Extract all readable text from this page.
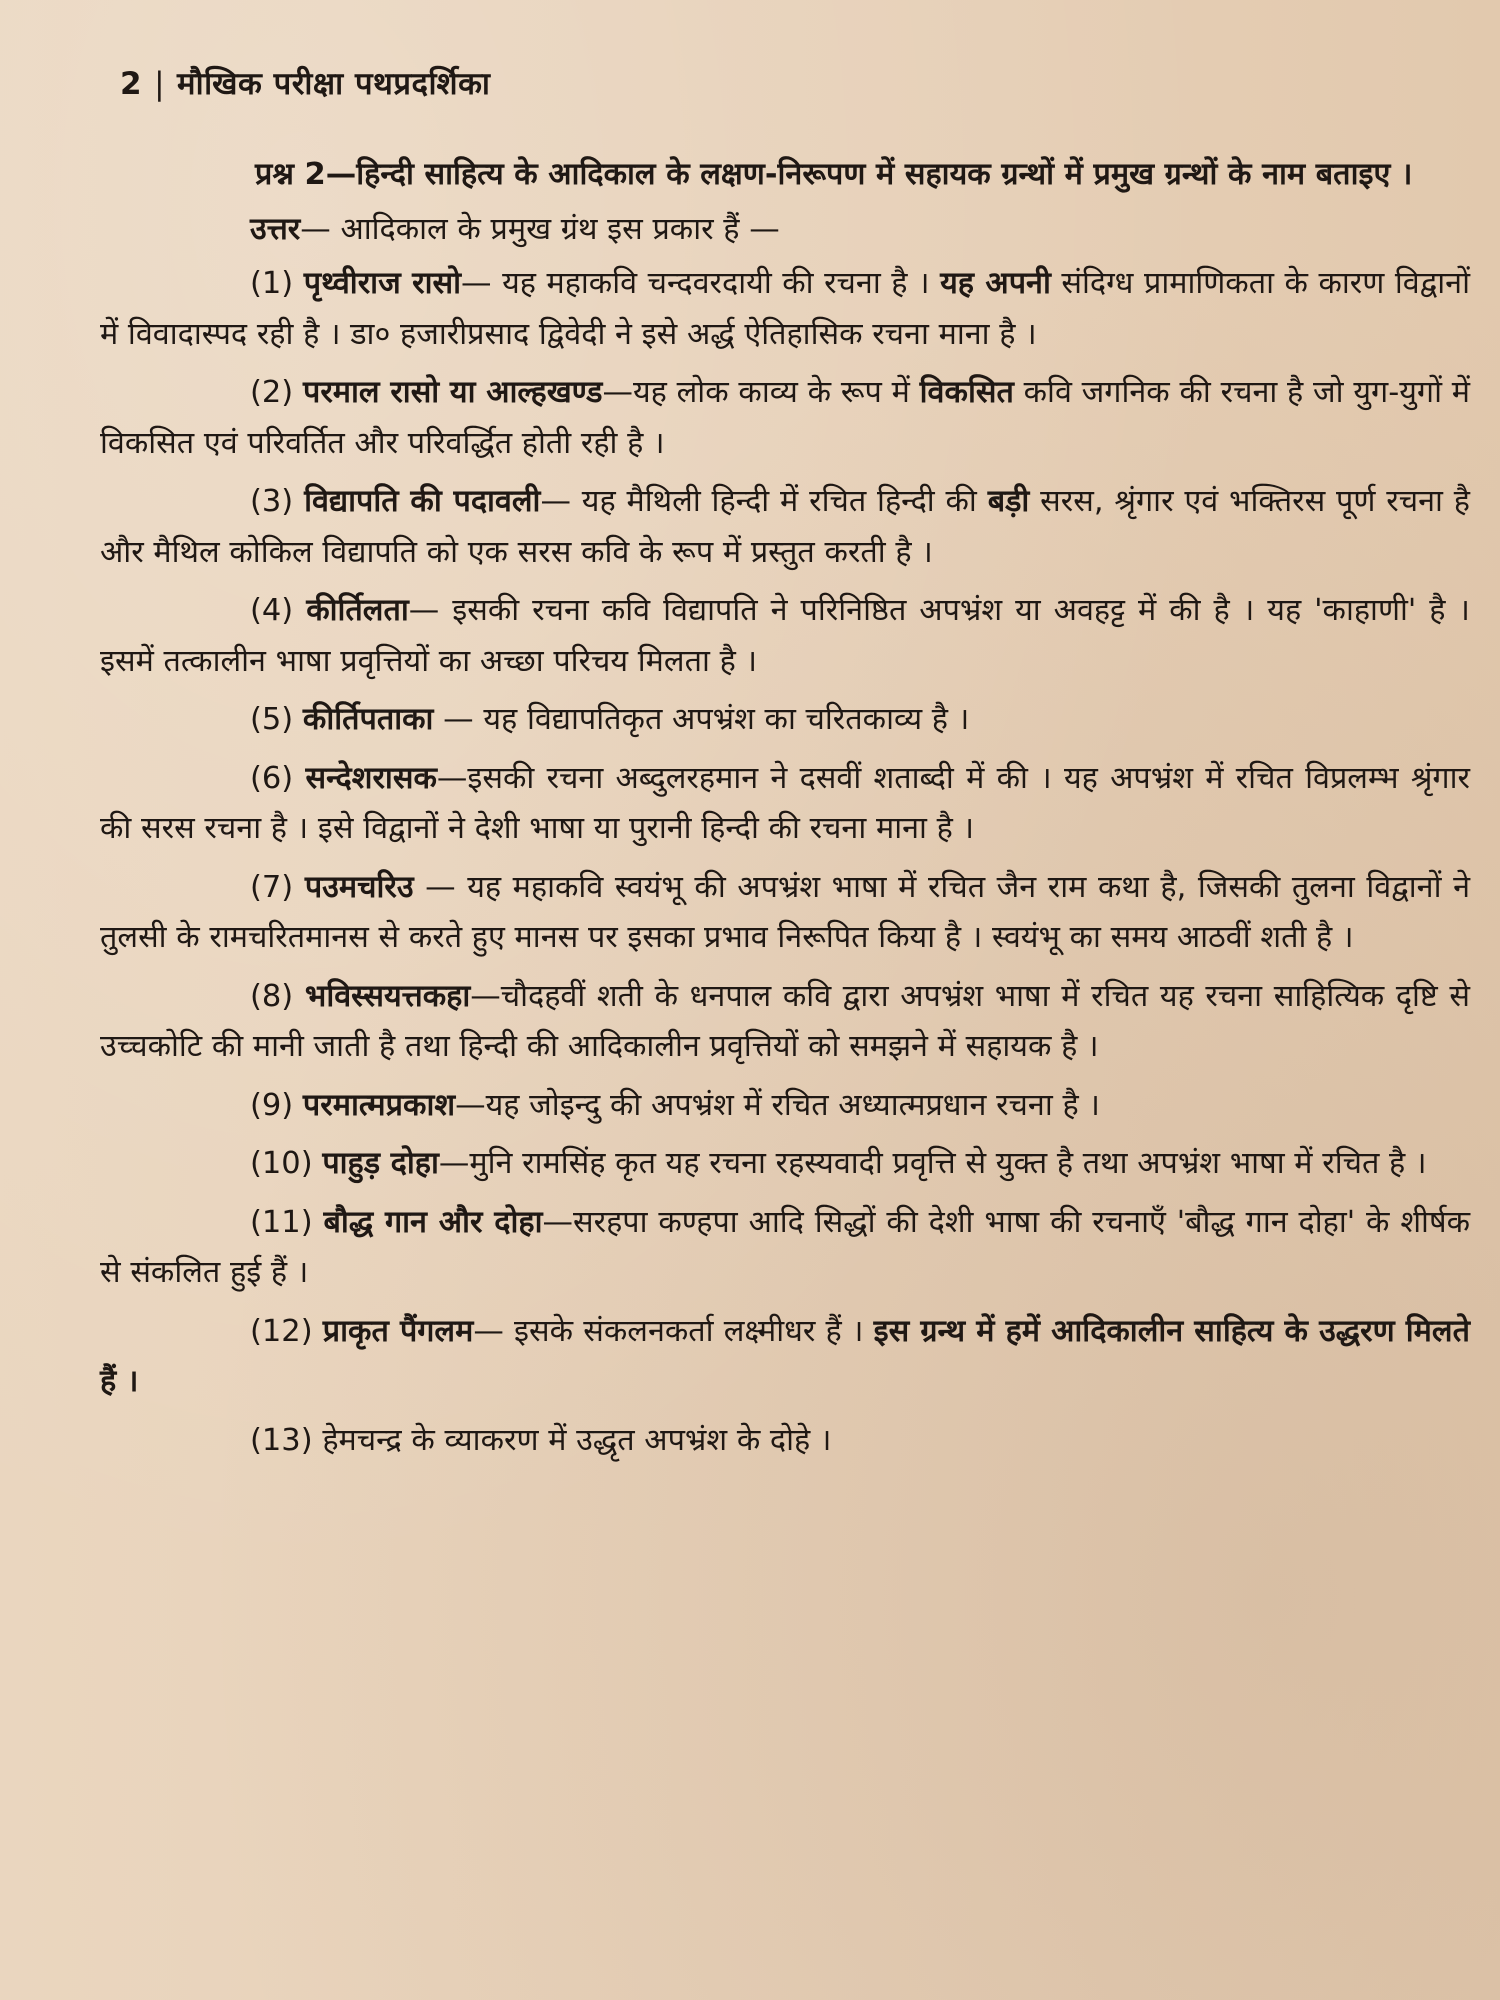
2 | मौखिक परीक्षा पथप्रदर्शिका

प्रश्न 2—हिन्दी साहित्य के आदिकाल के लक्षण-निरूपण में सहायक ग्रन्थों में प्रमुख ग्रन्थों के नाम बताइए ।

उत्तर— आदिकाल के प्रमुख ग्रंथ इस प्रकार हैं —

(1) पृथ्वीराज रासो— यह महाकवि चन्दवरदायी की रचना है । यह अपनी संदिग्ध प्रामाणिकता के कारण विद्वानों में विवादास्पद रही है । डा० हजारीप्रसाद द्विवेदी ने इसे अर्द्ध ऐतिहासिक रचना माना है ।

(2) परमाल रासो या आल्हखण्ड—यह लोक काव्य के रूप में विकसित कवि जगनिक की रचना है जो युग-युगों में विकसित एवं परिवर्तित और परिवर्द्धित होती रही है ।

(3) विद्यापति की पदावली— यह मैथिली हिन्दी में रचित हिन्दी की बड़ी सरस, श्रृंगार एवं भक्तिरस पूर्ण रचना है और मैथिल कोकिल विद्यापति को एक सरस कवि के रूप में प्रस्तुत करती है ।

(4) कीर्तिलता— इसकी रचना कवि विद्यापति ने परिनिष्ठित अपभ्रंश या अवहट्ट में की है । यह 'काहाणी' है । इसमें तत्कालीन भाषा प्रवृत्तियों का अच्छा परिचय मिलता है ।

(5) कीर्तिपताका — यह विद्यापतिकृत अपभ्रंश का चरितकाव्य है ।

(6) सन्देशरासक—इसकी रचना अब्दुलरहमान ने दसवीं शताब्दी में की । यह अपभ्रंश में रचित विप्रलम्भ श्रृंगार की सरस रचना है । इसे विद्वानों ने देशी भाषा या पुरानी हिन्दी की रचना माना है ।

(7) पउमचरिउ — यह महाकवि स्वयंभू की अपभ्रंश भाषा में रचित जैन राम कथा है, जिसकी तुलना विद्वानों ने तुलसी के रामचरितमानस से करते हुए मानस पर इसका प्रभाव निरूपित किया है । स्वयंभू का समय आठवीं शती है ।

(8) भविस्सयत्तकहा—चौदहवीं शती के धनपाल कवि द्वारा अपभ्रंश भाषा में रचित यह रचना साहित्यिक दृष्टि से उच्चकोटि की मानी जाती है तथा हिन्दी की आदिकालीन प्रवृत्तियों को समझने में सहायक है ।

(9) परमात्मप्रकाश—यह जोइन्दु की अपभ्रंश में रचित अध्यात्मप्रधान रचना है ।

(10) पाहुड़ दोहा—मुनि रामसिंह कृत यह रचना रहस्यवादी प्रवृत्ति से युक्त है तथा अपभ्रंश भाषा में रचित है ।

(11) बौद्ध गान और दोहा—सरहपा कण्हपा आदि सिद्धों की देशी भाषा की रचनाएँ 'बौद्ध गान दोहा' के शीर्षक से संकलित हुई हैं ।

(12) प्राकृत पैंगलम— इसके संकलनकर्ता लक्ष्मीधर हैं । इस ग्रन्थ में हमें आदिकालीन साहित्य के उद्धरण मिलते हैं ।

(13) हेमचन्द्र के व्याकरण में उद्धृत अपभ्रंश के दोहे ।
